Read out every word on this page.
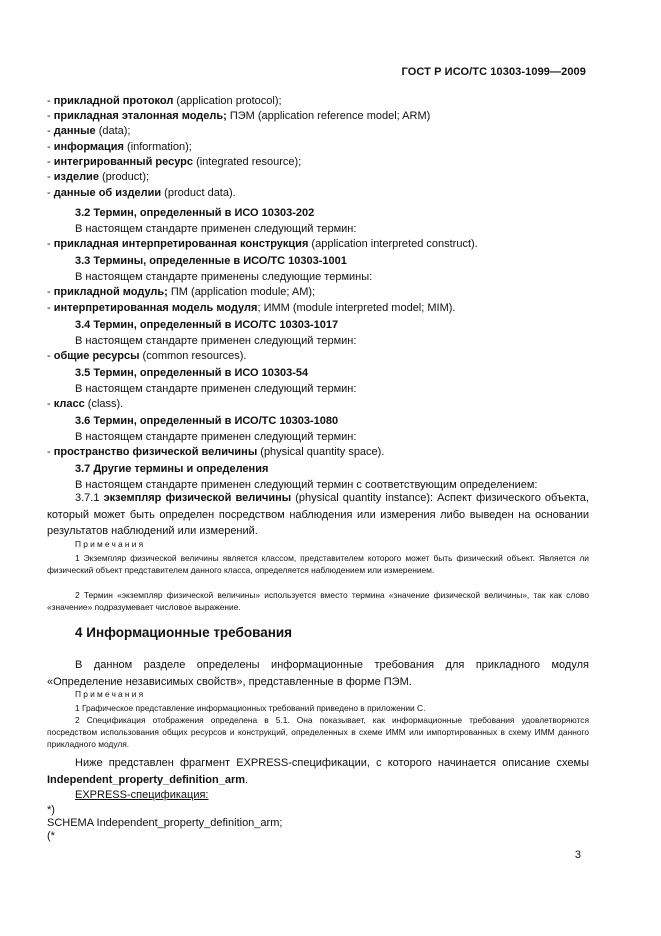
ГОСТ Р ИСО/ТС 10303-1099—2009
- прикладной протокол (application protocol);
- прикладная эталонная модель; ПЭМ (application reference model; ARM)
- данные (data);
- информация (information);
- интегрированный ресурс (integrated resource);
- изделие (product);
- данные об изделии (product data).
3.2 Термин, определенный в ИСО 10303-202
В настоящем стандарте применен следующий термин:
- прикладная интерпретированная конструкция (application interpreted construct).
3.3 Термины, определенные в ИСО/ТС 10303-1001
В настоящем стандарте применены следующие термины:
- прикладной модуль; ПМ (application module; AM);
- интерпретированная модель модуля; ИММ (module interpreted model; MIM).
3.4 Термин, определенный в ИСО/ТС 10303-1017
В настоящем стандарте применен следующий термин:
- общие ресурсы (common resources).
3.5 Термин, определенный в ИСО 10303-54
В настоящем стандарте применен следующий термин:
- класс (class).
3.6 Термин, определенный в ИСО/ТС 10303-1080
В настоящем стандарте применен следующий термин:
- пространство физической величины (physical quantity space).
3.7 Другие термины и определения
В настоящем стандарте применен следующий термин с соответствующим определением:
3.7.1 экземпляр физической величины (physical quantity instance): Аспект физического объекта, который может быть определен посредством наблюдения или измерения либо выведен на основании результатов наблюдений или измерений.
Примечания
1 Экземпляр физической величины является классом, представителем которого может быть физический объект. Является ли физический объект представителем данного класса, определяется наблюдением или измерением.
2 Термин «экземпляр физической величины» используется вместо термина «значение физической величины», так как слово «значение» подразумевает числовое выражение.
4 Информационные требования
В данном разделе определены информационные требования для прикладного модуля «Определение независимых свойств», представленные в форме ПЭМ.
Примечания
1 Графическое представление информационных требований приведено в приложении С.
2 Спецификация отображения определена в 5.1. Она показывает, как информационные требования удовлетворяются посредством использования общих ресурсов и конструкций, определенных в схеме ИММ или импортированных в схему ИММ данного прикладного модуля.
Ниже представлен фрагмент EXPRESS-спецификации, с которого начинается описание схемы Independent_property_definition_arm.
EXPRESS-спецификация:
*)
SCHEMA Independent_property_definition_arm;
(*
3
